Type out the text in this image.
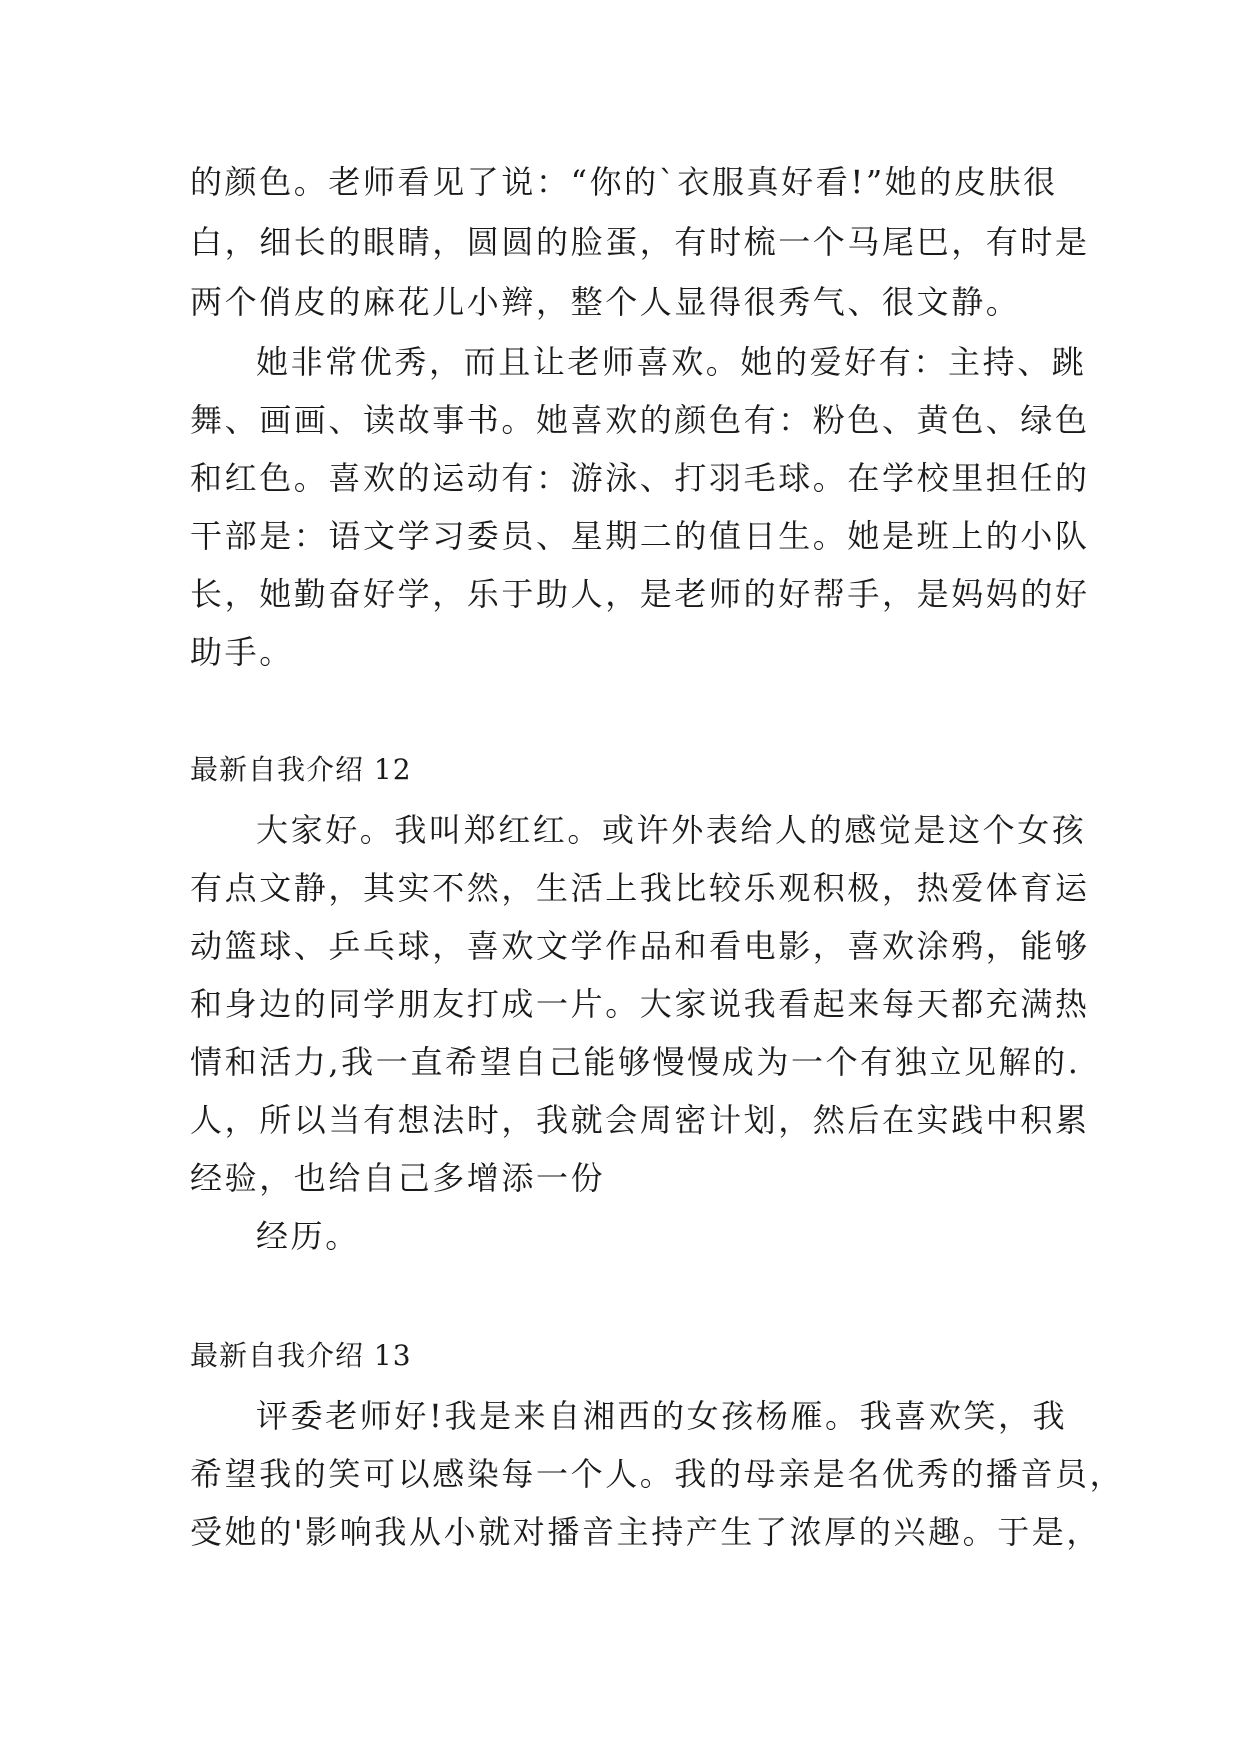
的颜色。老师看见了说：“你的`衣服真好看!”她的皮肤很
白，细长的眼睛，圆圆的脸蛋，有时梳一个马尾巴，有时是
两个俏皮的麻花儿小辫，整个人显得很秀气、很文静。
她非常优秀，而且让老师喜欢。她的爱好有：主持、跳
舞、画画、读故事书。她喜欢的颜色有：粉色、黄色、绿色
和红色。喜欢的运动有：游泳、打羽毛球。在学校里担任的
干部是：语文学习委员、星期二的值日生。她是班上的小队
长，她勤奋好学，乐于助人，是老师的好帮手，是妈妈的好
助手。
最新自我介绍 12
大家好。我叫郑红红。或许外表给人的感觉是这个女孩
有点文静，其实不然，生活上我比较乐观积极，热爱体育运
动篮球、乒乓球，喜欢文学作品和看电影，喜欢涂鸦，能够
和身边的同学朋友打成一片。大家说我看起来每天都充满热
情和活力,我一直希望自己能够慢慢成为一个有独立见解的.
人，所以当有想法时，我就会周密计划，然后在实践中积累
经验，也给自己多增添一份
经历。
最新自我介绍 13
评委老师好!我是来自湘西的女孩杨雁。我喜欢笑，我
希望我的笑可以感染每一个人。我的母亲是名优秀的播音员，
受她的'影响我从小就对播音主持产生了浓厚的兴趣。于是，
